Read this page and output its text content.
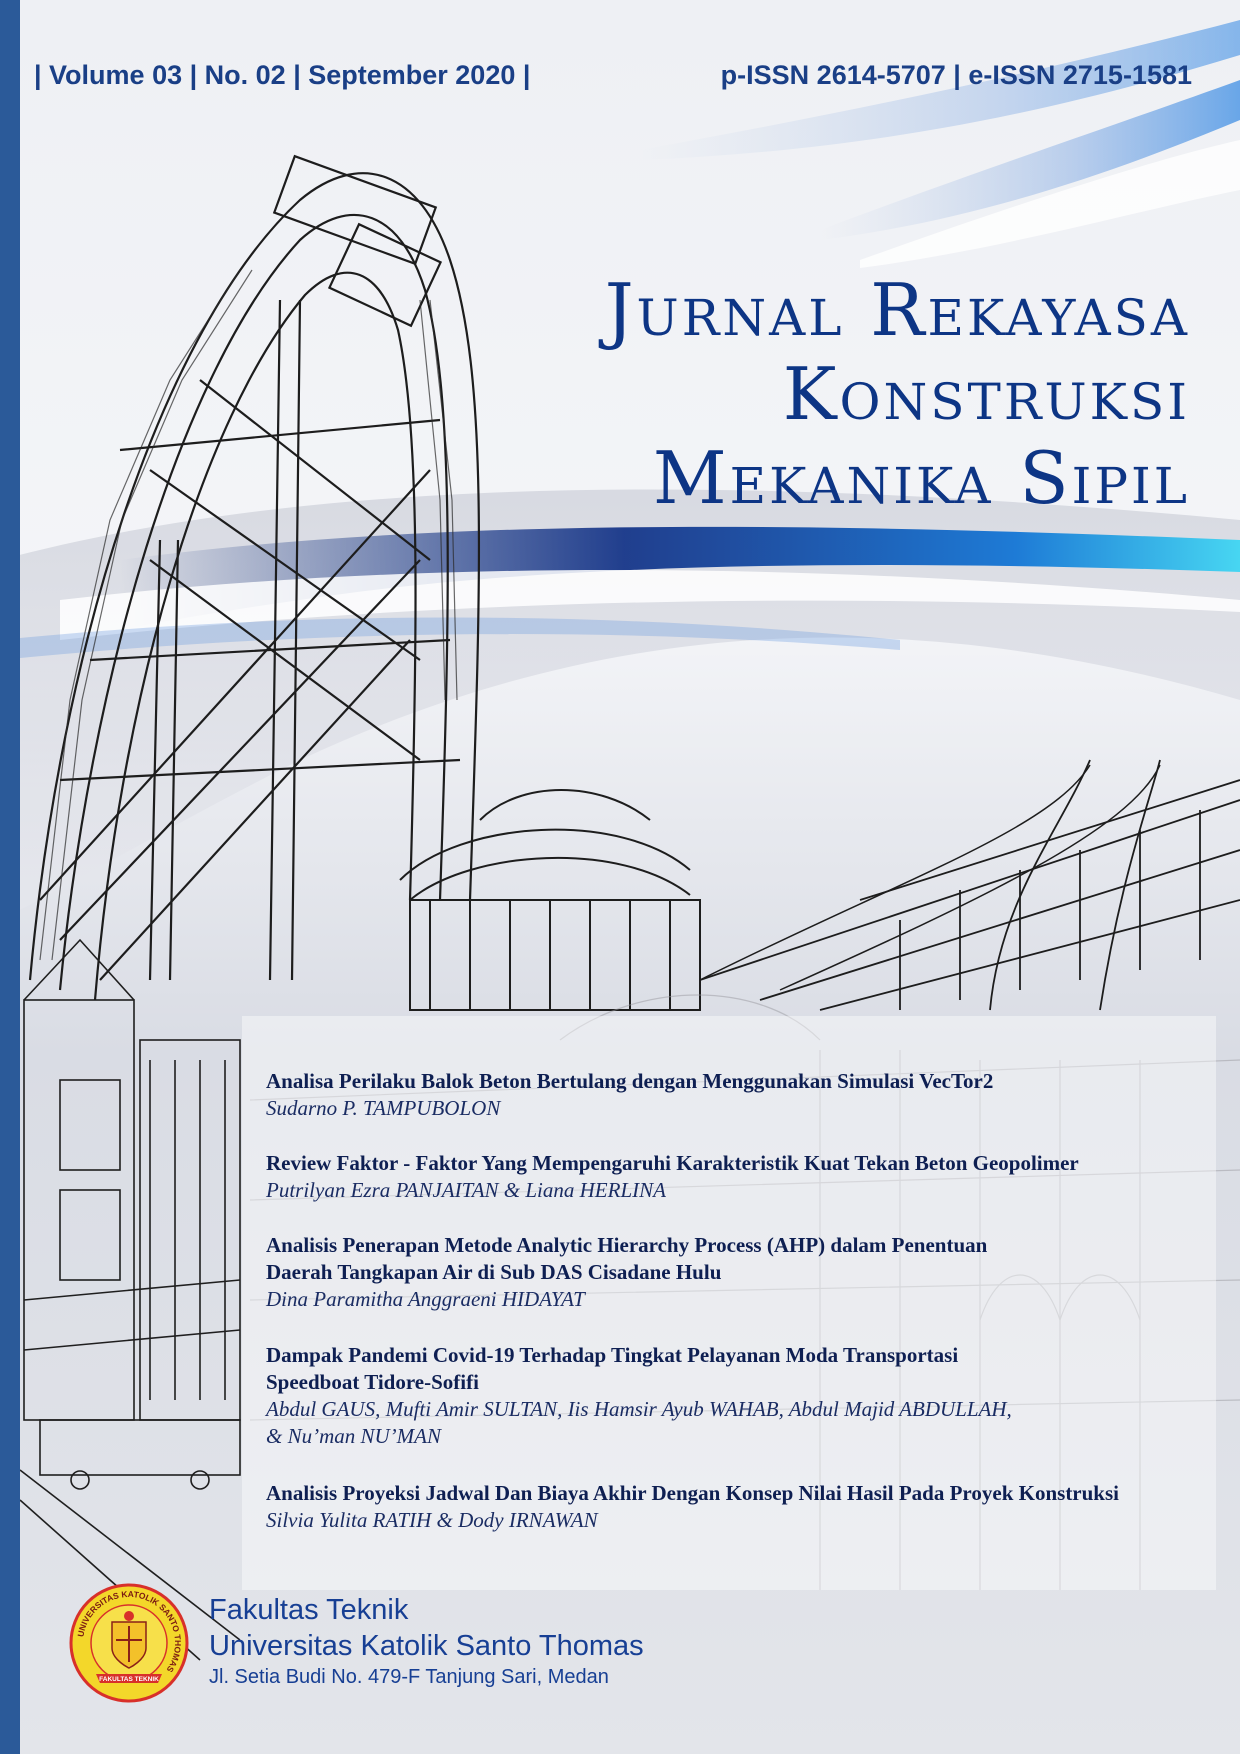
| Volume 03 | No. 02 | September 2020 |	p-ISSN 2614-5707 | e-ISSN 2715-1581
Jurnal Rekayasa
Konstruksi
Mekanika Sipil
Analisa Perilaku Balok Beton Bertulang dengan Menggunakan Simulasi VecTor2
Sudarno P. TAMPUBOLON
Review Faktor - Faktor Yang Mempengaruhi Karakteristik Kuat Tekan Beton Geopolimer
Putrilyan Ezra PANJAITAN & Liana HERLINA
Analisis Penerapan Metode Analytic Hierarchy Process (AHP) dalam Penentuan
Daerah Tangkapan Air di Sub DAS Cisadane Hulu
Dina Paramitha Anggraeni HIDAYAT
Dampak Pandemi Covid-19 Terhadap Tingkat Pelayanan Moda Transportasi
Speedboat Tidore-Sofifi
Abdul GAUS, Mufti Amir SULTAN, Iis Hamsir Ayub WAHAB, Abdul Majid ABDULLAH,
& Nu’man NU’MAN
Analisis Proyeksi Jadwal Dan Biaya Akhir Dengan Konsep Nilai Hasil Pada Proyek Konstruksi
Silvia Yulita RATIH & Dody IRNAWAN
UNIVERSITAS KATOLIK SANTO THOMAS
FAKULTAS TEKNIK
Fakultas Teknik
Universitas Katolik Santo Thomas
Jl. Setia Budi No. 479-F Tanjung Sari, Medan
